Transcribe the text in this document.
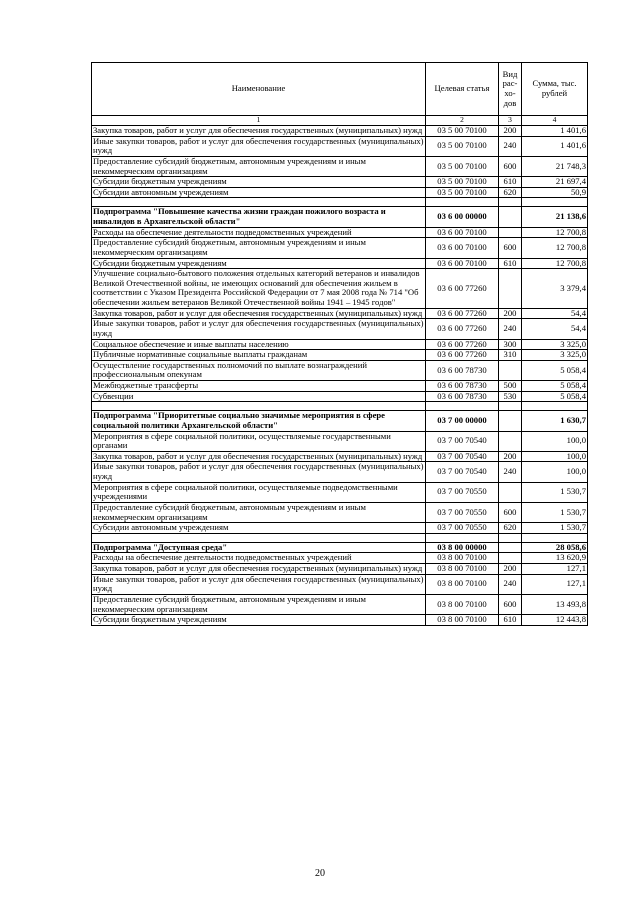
Наименование	Целевая статья	Вид рас-хо-дов	Сумма, тыс. рублей
1	2	3	4
Закупка товаров, работ и услуг для обеспечения государственных (муниципальных) нужд	03 5 00 70100	200	1 401,6
Иные закупки товаров, работ и услуг для обеспечения государственных (муниципальных) нужд	03 5 00 70100	240	1 401,6
Предоставление субсидий бюджетным, автономным учреждениям и иным некоммерческим организациям	03 5 00 70100	600	21 748,3
Субсидии бюджетным учреждениям	03 5 00 70100	610	21 697,4
Субсидии автономным учреждениям	03 5 00 70100	620	50,9

Подпрограмма "Повышение качества жизни граждан пожилого возраста и инвалидов в Архангельской области"	03 6 00 00000		21 138,6
Расходы на обеспечение деятельности подведомственных учреждений	03 6 00 70100		12 700,8
Предоставление субсидий бюджетным, автономным учреждениям и иным некоммерческим организациям	03 6 00 70100	600	12 700,8
Субсидии бюджетным учреждениям	03 6 00 70100	610	12 700,8
Улучшение социально-бытового положения отдельных категорий ветеранов и инвалидов Великой Отечественной войны, не имеющих оснований для обеспечения жильем в соответствии с Указом Президента Российской Федерации от 7 мая 2008 года № 714 "Об обеспечении жильем ветеранов Великой Отечественной войны 1941 – 1945 годов"	03 6 00 77260		3 379,4
Закупка товаров, работ и услуг для обеспечения государственных (муниципальных) нужд	03 6 00 77260	200	54,4
Иные закупки товаров, работ и услуг для обеспечения государственных (муниципальных) нужд	03 6 00 77260	240	54,4
Социальное обеспечение и иные выплаты населению	03 6 00 77260	300	3 325,0
Публичные нормативные социальные выплаты гражданам	03 6 00 77260	310	3 325,0
Осуществление государственных полномочий по выплате вознаграждений профессиональным опекунам	03 6 00 78730		5 058,4
Межбюджетные трансферты	03 6 00 78730	500	5 058,4
Субвенции	03 6 00 78730	530	5 058,4

Подпрограмма "Приоритетные социально значимые мероприятия в сфере социальной политики Архангельской области"	03 7 00 00000		1 630,7
Мероприятия в сфере социальной политики, осуществляемые государственными органами	03 7 00 70540		100,0
Закупка товаров, работ и услуг для обеспечения государственных (муниципальных) нужд	03 7 00 70540	200	100,0
Иные закупки товаров, работ и услуг для обеспечения государственных (муниципальных) нужд	03 7 00 70540	240	100,0
Мероприятия в сфере социальной политики, осуществляемые подведомственными учреждениями	03 7 00 70550		1 530,7
Предоставление субсидий бюджетным, автономным учреждениям и иным некоммерческим организациям	03 7 00 70550	600	1 530,7
Субсидии автономным учреждениям	03 7 00 70550	620	1 530,7

Подпрограмма "Доступная среда"	03 8 00 00000		28 058,6
Расходы на обеспечение деятельности подведомственных учреждений	03 8 00 70100		13 620,9
Закупка товаров, работ и услуг для обеспечения государственных (муниципальных) нужд	03 8 00 70100	200	127,1
Иные закупки товаров, работ и услуг для обеспечения государственных (муниципальных) нужд	03 8 00 70100	240	127,1
Предоставление субсидий бюджетным, автономным учреждениям и иным некоммерческим организациям	03 8 00 70100	600	13 493,8
Субсидии бюджетным учреждениям	03 8 00 70100	610	12 443,8
20
